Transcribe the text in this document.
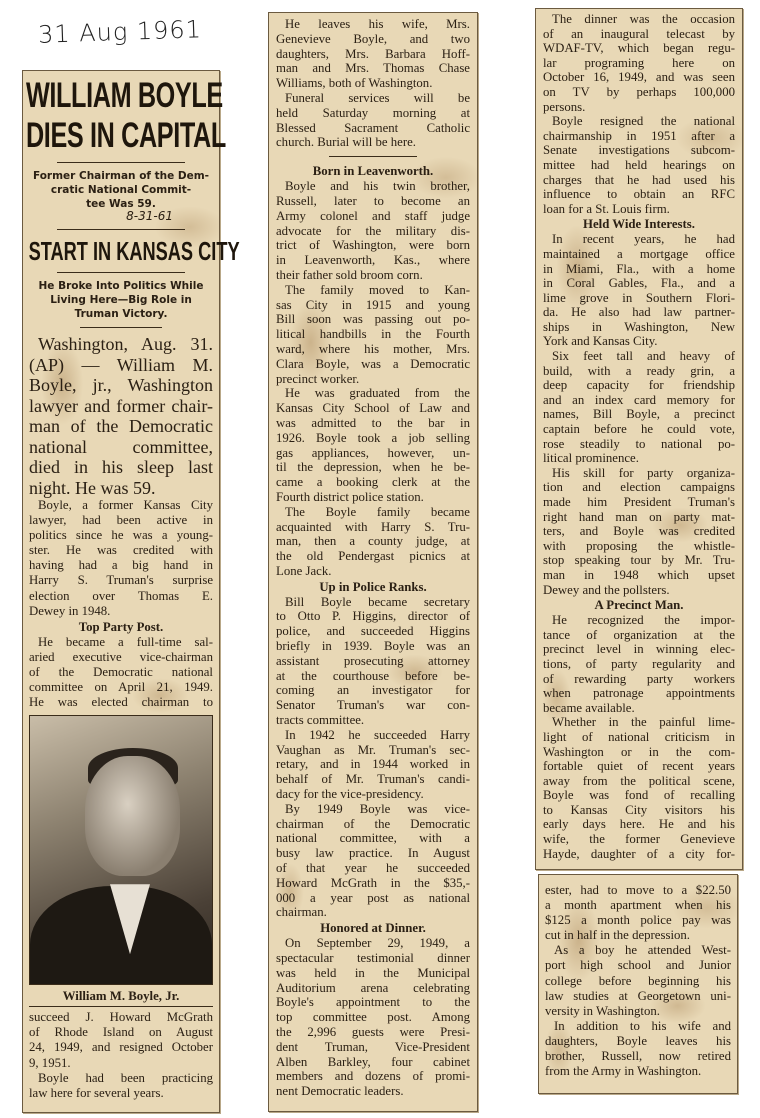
31 Aug 1961
WILLIAM BOYLE
DIES IN CAPITAL
Former Chairman of the Dem-
cratic National Commit-
tee Was 59.
8-31-61
START IN KANSAS CITY
He Broke Into Politics While
Living Here—Big Role in
Truman Victory.
Washington, Aug. 31.
(AP) — William M.
Boyle, jr., Washington
lawyer and former chair-
man of the Democratic
national committee,
died in his sleep last
night. He was 59.
Boyle, a former Kansas City
lawyer, had been active in
politics since he was a young-
ster. He was credited with
having had a big hand in
Harry S. Truman's surprise
election over Thomas E.
Dewey in 1948.
Top Party Post.
He became a full-time sal-
aried executive vice-chairman
of the Democratic national
committee on April 21, 1949.
He was elected chairman to
William M. Boyle, Jr.
succeed J. Howard McGrath
of Rhode Island on August
24, 1949, and resigned October
9, 1951.
Boyle had been practicing
law here for several years.
He leaves his wife, Mrs.
Genevieve Boyle, and two
daughters, Mrs. Barbara Hoff-
man and Mrs. Thomas Chase
Williams, both of Washington.
Funeral services will be
held Saturday morning at
Blessed Sacrament Catholic
church. Burial will be here.
Born in Leavenworth.
Boyle and his twin brother,
Russell, later to become an
Army colonel and staff judge
advocate for the military dis-
trict of Washington, were born
in Leavenworth, Kas., where
their father sold broom corn.
The family moved to Kan-
sas City in 1915 and young
Bill soon was passing out po-
litical handbills in the Fourth
ward, where his mother, Mrs.
Clara Boyle, was a Democratic
precinct worker.
He was graduated from the
Kansas City School of Law and
was admitted to the bar in
1926. Boyle took a job selling
gas appliances, however, un-
til the depression, when he be-
came a booking clerk at the
Fourth district police station.
The Boyle family became
acquainted with Harry S. Tru-
man, then a county judge, at
the old Pendergast picnics at
Lone Jack.
Up in Police Ranks.
Bill Boyle became secretary
to Otto P. Higgins, director of
police, and succeeded Higgins
briefly in 1939. Boyle was an
assistant prosecuting attorney
at the courthouse before be-
coming an investigator for
Senator Truman's war con-
tracts committee.
In 1942 he succeeded Harry
Vaughan as Mr. Truman's sec-
retary, and in 1944 worked in
behalf of Mr. Truman's candi-
dacy for the vice-presidency.
By 1949 Boyle was vice-
chairman of the Democratic
national committee, with a
busy law practice. In August
of that year he succeeded
Howard McGrath in the $35,-
000 a year post as national
chairman.
Honored at Dinner.
On September 29, 1949, a
spectacular testimonial dinner
was held in the Municipal
Auditorium arena celebrating
Boyle's appointment to the
top committee post. Among
the 2,996 guests were Presi-
dent Truman, Vice-President
Alben Barkley, four cabinet
members and dozens of promi-
nent Democratic leaders.
The dinner was the occasion
of an inaugural telecast by
WDAF-TV, which began regu-
lar programing here on
October 16, 1949, and was seen
on TV by perhaps 100,000
persons.
Boyle resigned the national
chairmanship in 1951 after a
Senate investigations subcom-
mittee had held hearings on
charges that he had used his
influence to obtain an RFC
loan for a St. Louis firm.
Held Wide Interests.
In recent years, he had
maintained a mortgage office
in Miami, Fla., with a home
in Coral Gables, Fla., and a
lime grove in Southern Flori-
da. He also had law partner-
ships in Washington, New
York and Kansas City.
Six feet tall and heavy of
build, with a ready grin, a
deep capacity for friendship
and an index card memory for
names, Bill Boyle, a precinct
captain before he could vote,
rose steadily to national po-
litical prominence.
His skill for party organiza-
tion and election campaigns
made him President Truman's
right hand man on party mat-
ters, and Boyle was credited
with proposing the whistle-
stop speaking tour by Mr. Tru-
man in 1948 which upset
Dewey and the pollsters.
A Precinct Man.
He recognized the impor-
tance of organization at the
precinct level in winning elec-
tions, of party regularity and
of rewarding party workers
when patronage appointments
became available.
Whether in the painful lime-
light of national criticism in
Washington or in the com-
fortable quiet of recent years
away from the political scene,
Boyle was fond of recalling
to Kansas City visitors his
early days here. He and his
wife, the former Genevieve
Hayde, daughter of a city for-
ester, had to move to a $22.50
a month apartment when his
$125 a month police pay was
cut in half in the depression.
As a boy he attended West-
port high school and Junior
college before beginning his
law studies at Georgetown uni-
versity in Washington.
In addition to his wife and
daughters, Boyle leaves his
brother, Russell, now retired
from the Army in Washington.
